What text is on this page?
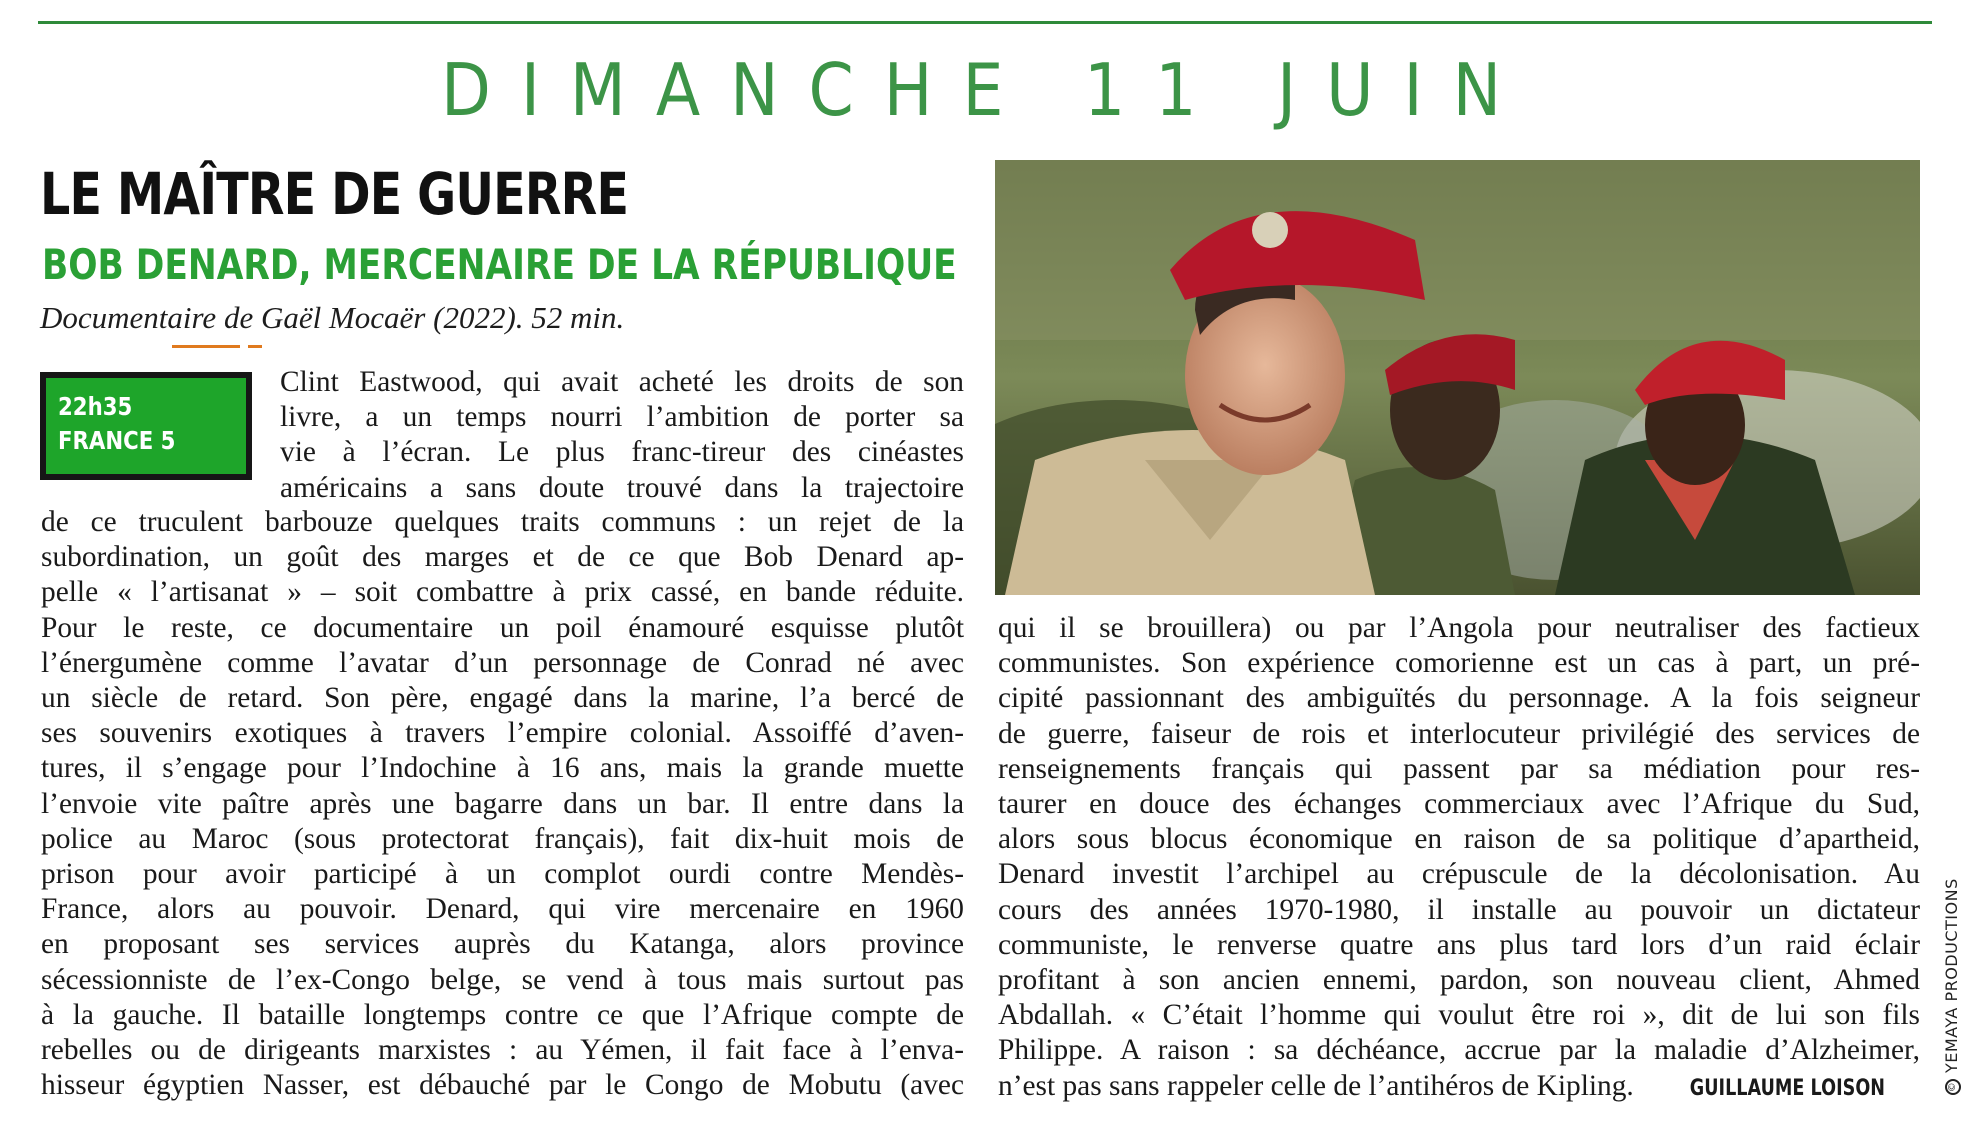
DIMANCHE 11 JUIN
LE MAÎTRE DE GUERRE
BOB DENARD, MERCENAIRE DE LA RÉPUBLIQUE
Documentaire de Gaël Mocaër (2022). 52 min.
22h35
FRANCE 5
Clint Eastwood, qui avait acheté les droits de son
livre, a un temps nourri l’ambition de porter sa
vie à l’écran. Le plus franc-tireur des cinéastes
américains a sans doute trouvé dans la trajectoire
de ce truculent barbouze quelques traits communs : un rejet de la
subordination, un goût des marges et de ce que Bob Denard ap-
pelle « l’artisanat » – soit combattre à prix cassé, en bande réduite.
Pour le reste, ce documentaire un poil énamouré esquisse plutôt
l’énergumène comme l’avatar d’un personnage de Conrad né avec
un siècle de retard. Son père, engagé dans la marine, l’a bercé de
ses souvenirs exotiques à travers l’empire colonial. Assoiffé d’aven-
tures, il s’engage pour l’Indochine à 16 ans, mais la grande muette
l’envoie vite paître après une bagarre dans un bar. Il entre dans la
police au Maroc (sous protectorat français), fait dix-huit mois de
prison pour avoir participé à un complot ourdi contre Mendès-
France, alors au pouvoir. Denard, qui vire mercenaire en 1960
en proposant ses services auprès du Katanga, alors province
sécessionniste de l’ex-Congo belge, se vend à tous mais surtout pas
à la gauche. Il bataille longtemps contre ce que l’Afrique compte de
rebelles ou de dirigeants marxistes : au Yémen, il fait face à l’enva-
hisseur égyptien Nasser, est débauché par le Congo de Mobutu (avec
qui il se brouillera) ou par l’Angola pour neutraliser des factieux
communistes. Son expérience comorienne est un cas à part, un pré-
cipité passionnant des ambiguïtés du personnage. A la fois seigneur
de guerre, faiseur de rois et interlocuteur privilégié des services de
renseignements français qui passent par sa médiation pour res-
taurer en douce des échanges commerciaux avec l’Afrique du Sud,
alors sous blocus économique en raison de sa politique d’apartheid,
Denard investit l’archipel au crépuscule de la décolonisation. Au
cours des années 1970-1980, il installe au pouvoir un dictateur
communiste, le renverse quatre ans plus tard lors d’un raid éclair
profitant à son ancien ennemi, pardon, son nouveau client, Ahmed
Abdallah. « C’était l’homme qui voulut être roi », dit de lui son fils
Philippe. A raison : sa déchéance, accrue par la maladie d’Alzheimer,
n’est pas sans rappeler celle de l’antihéros de Kipling.	GUILLAUME LOISON	©YEMAYA PRODUCTIONS
